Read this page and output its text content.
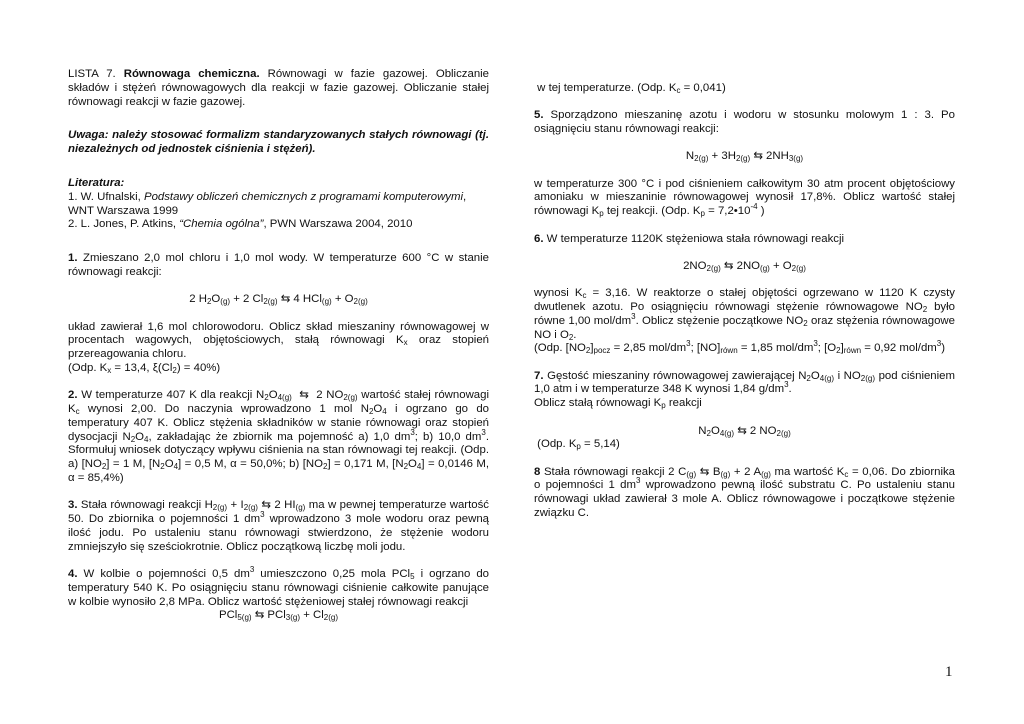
LISTA 7. Równowaga chemiczna. Równowagi w fazie gazowej. Obliczanie składów i stężeń równowagowych dla reakcji w fazie gazowej. Obliczanie stałej równowagi reakcji w fazie gazowej.

Uwaga: należy stosować formalizm standaryzowanych stałych równowagi (tj. niezależnych od jednostek ciśnienia i stężeń).

Literatura:

1. W. Ufnalski, Podstawy obliczeń chemicznych z programami komputerowymi, WNT Warszawa 1999

2. L. Jones, P. Atkins, “Chemia ogólna”, PWN Warszawa 2004, 2010

1. Zmieszano 2,0 mol chloru i 1,0 mol wody. W temperaturze 600 °C w stanie równowagi reakcji:

2 $H_2O_{(g)} + 2$ $Cl_{2(g)}$ ⇆ 4 $HCl_{(g)} + O_{2(g)}$

układ zawierał 1,6 mol chlorowodoru. Oblicz skład mieszaniny równowagowej w procentach wagowych, objętościowych, stałą równowagi $K_x$ oraz stopień przereagowania chloru.

(Odp. $K_x = 13,4$, $\xi(Cl_2) = 40\%$)

2. W temperaturze 407 K dla reakcji $N_2O_{4(g)}$  ⇆  2 $NO_{2(g)}$ wartość stałej równowagi $K_c$ wynosi 2,00. Do naczynia wprowadzono 1 mol $N_2O_4$ i ogrzano go do temperatury 407 K. Oblicz stężenia składników w stanie równowagi oraz stopień dysocjacji $N_2O_4$, zakładając że zbiornik ma pojemność a) 1,0 $dm^3$; b) 10,0 $dm^3$. Sformułuj wniosek dotyczący wpływu ciśnienia na stan równowagi tej reakcji. (Odp. a) $[NO_2] = 1$ M, $[N_2O_4] = 0,5$ M, α = 50,0%; b) $[NO_2] = 0,171$ M, $[N_2O_4] = 0,0146$ M, α = 85,4%)

3. Stała równowagi reakcji $H_{2(g)} + I_{2(g)}$ ⇆ 2 $HI_{(g)}$ ma w pewnej temperaturze wartość 50. Do zbiornika o pojemności 1 $dm^3$ wprowadzono 3 mole wodoru oraz pewną ilość jodu. Po ustaleniu stanu równowagi stwierdzono, że stężenie wodoru zmniejszyło się sześciokrotnie. Oblicz początkową liczbę moli jodu.

4. W kolbie o pojemności 0,5 $dm^3$ umieszczono 0,25 mola PCl$_5$ i ogrzano do temperatury 540 K. Po osiągnięciu stanu równowagi ciśnienie całkowite panujące w kolbie wynosiło 2,8 MPa. Oblicz wartość stężeniowej stałej równowagi reakcji

PCl$_{5(g)}$ ⇆ $PCl_{3(g)} + Cl_{2(g)}$

w tej temperaturze. (Odp. $K_c = 0,041$)

5. Sporządzono mieszaninę azotu i wodoru w stosunku molowym 1 : 3. Po osiągnięciu stanu równowagi reakcji:

$N_{2(g)} + 3H_{2(g)}$ ⇆ $2NH_{3(g)}$

w temperaturze 300 °C i pod ciśnieniem całkowitym 30 atm procent objętościowy amoniaku w mieszaninie równowagowej wynosił 17,8%. Oblicz wartość stałej równowagi $K_p$ tej reakcji. (Odp. $K_p$ = $7,2•10^{-4}$ )

6. W temperaturze 1120K stężeniowa stała równowagi reakcji

$2NO_{2(g)}$ ⇆ $2NO_{(g)} + O_{2(g)}$

wynosi $K_c = 3,16$. W reaktorze o stałej objętości ogrzewano w 1120 K czysty dwutlenek azotu. Po osiągnięciu równowagi stężenie równowagowe $NO_2$ było równe 1,00 mol/$dm^3$. Oblicz stężenie początkowe $NO_2$ oraz stężenia równowagowe NO i $O_2$.
(Odp. $[NO_2]_{pocz} = 2,85$ mol/$dm^3$; $[NO]_{równ} = 1,85$ mol/$dm^3$; $[O_2]_{równ} = 0,92$ mol/$dm^3$)

7. Gęstość mieszaniny równowagowej zawierającej $N_2O_{4(g)}$ i $NO_{2(g)}$ pod ciśnieniem 1,0 atm i w temperaturze 348 K wynosi 1,84 $g/dm^3$.
Oblicz stałą równowagi $K_p$ reakcji

$N_2O_{4(g)}$ ⇆ 2 $NO_{2(g)}$

(Odp. $K_p = 5,14$)

8 Stała równowagi reakcji 2 $C_{(g)}$ ⇆ $B_{(g)} + 2$ $A_{(g)}$ ma wartość $K_c = 0,06$. Do zbiornika o pojemności 1 $dm^3$ wprowadzono pewną ilość substratu C. Po ustaleniu stanu równowagi układ zawierał 3 mole A. Oblicz równowagowe i początkowe stężenie związku C.

1
